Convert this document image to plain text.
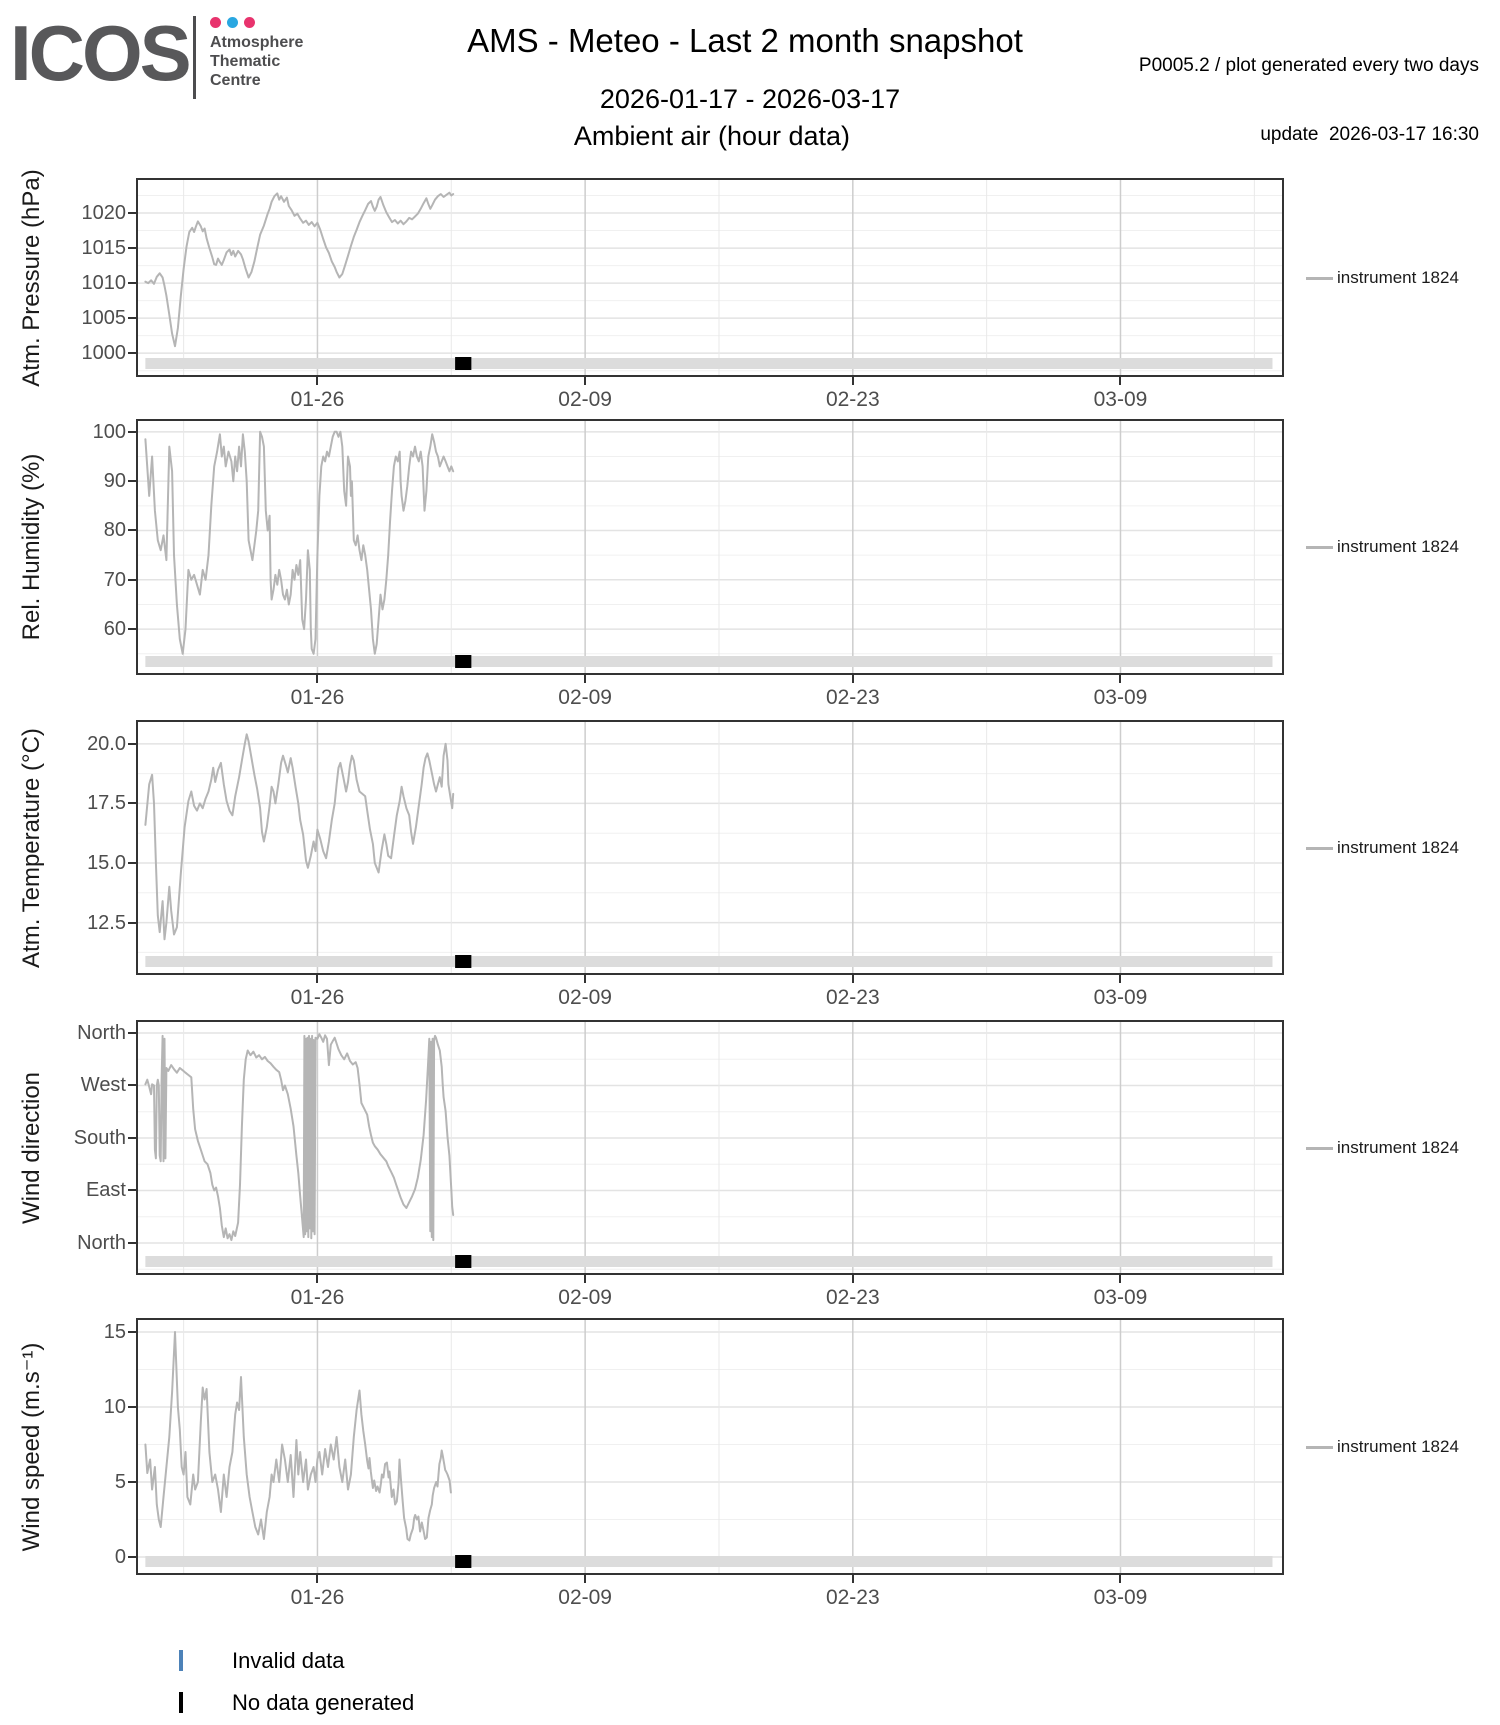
ICOS Atmosphere
Thematic
Centre
AMS - Meteo - Last 2 month snapshot

P0005.2 / plot generated every two days

update  2026-03-17 16:30

2026-01-17 - 2026-03-17
Ambient air (hour data)
Invalid data
No data generated
Atm. Pressure (hPa)	1020
1015
1010
1005
1000
01-26	02-09	02-23	03-09
instrument 1824
Rel. Humidity (%)
100
90
80
70
60
01-26	02-09	02-23	03-09
instrument 1824
Atm. Temperature (°C)	20.0
17.5
15.0
12.5
01-26	02-09	02-23	03-09
instrument 1824
Wind direction
North
West
South
East
North
01-26	02-09	02-23	03-09
instrument 1824
Wind speed (m.s⁻¹)
15
10
5
0
01-26	02-09	02-23	03-09
instrument 1824
